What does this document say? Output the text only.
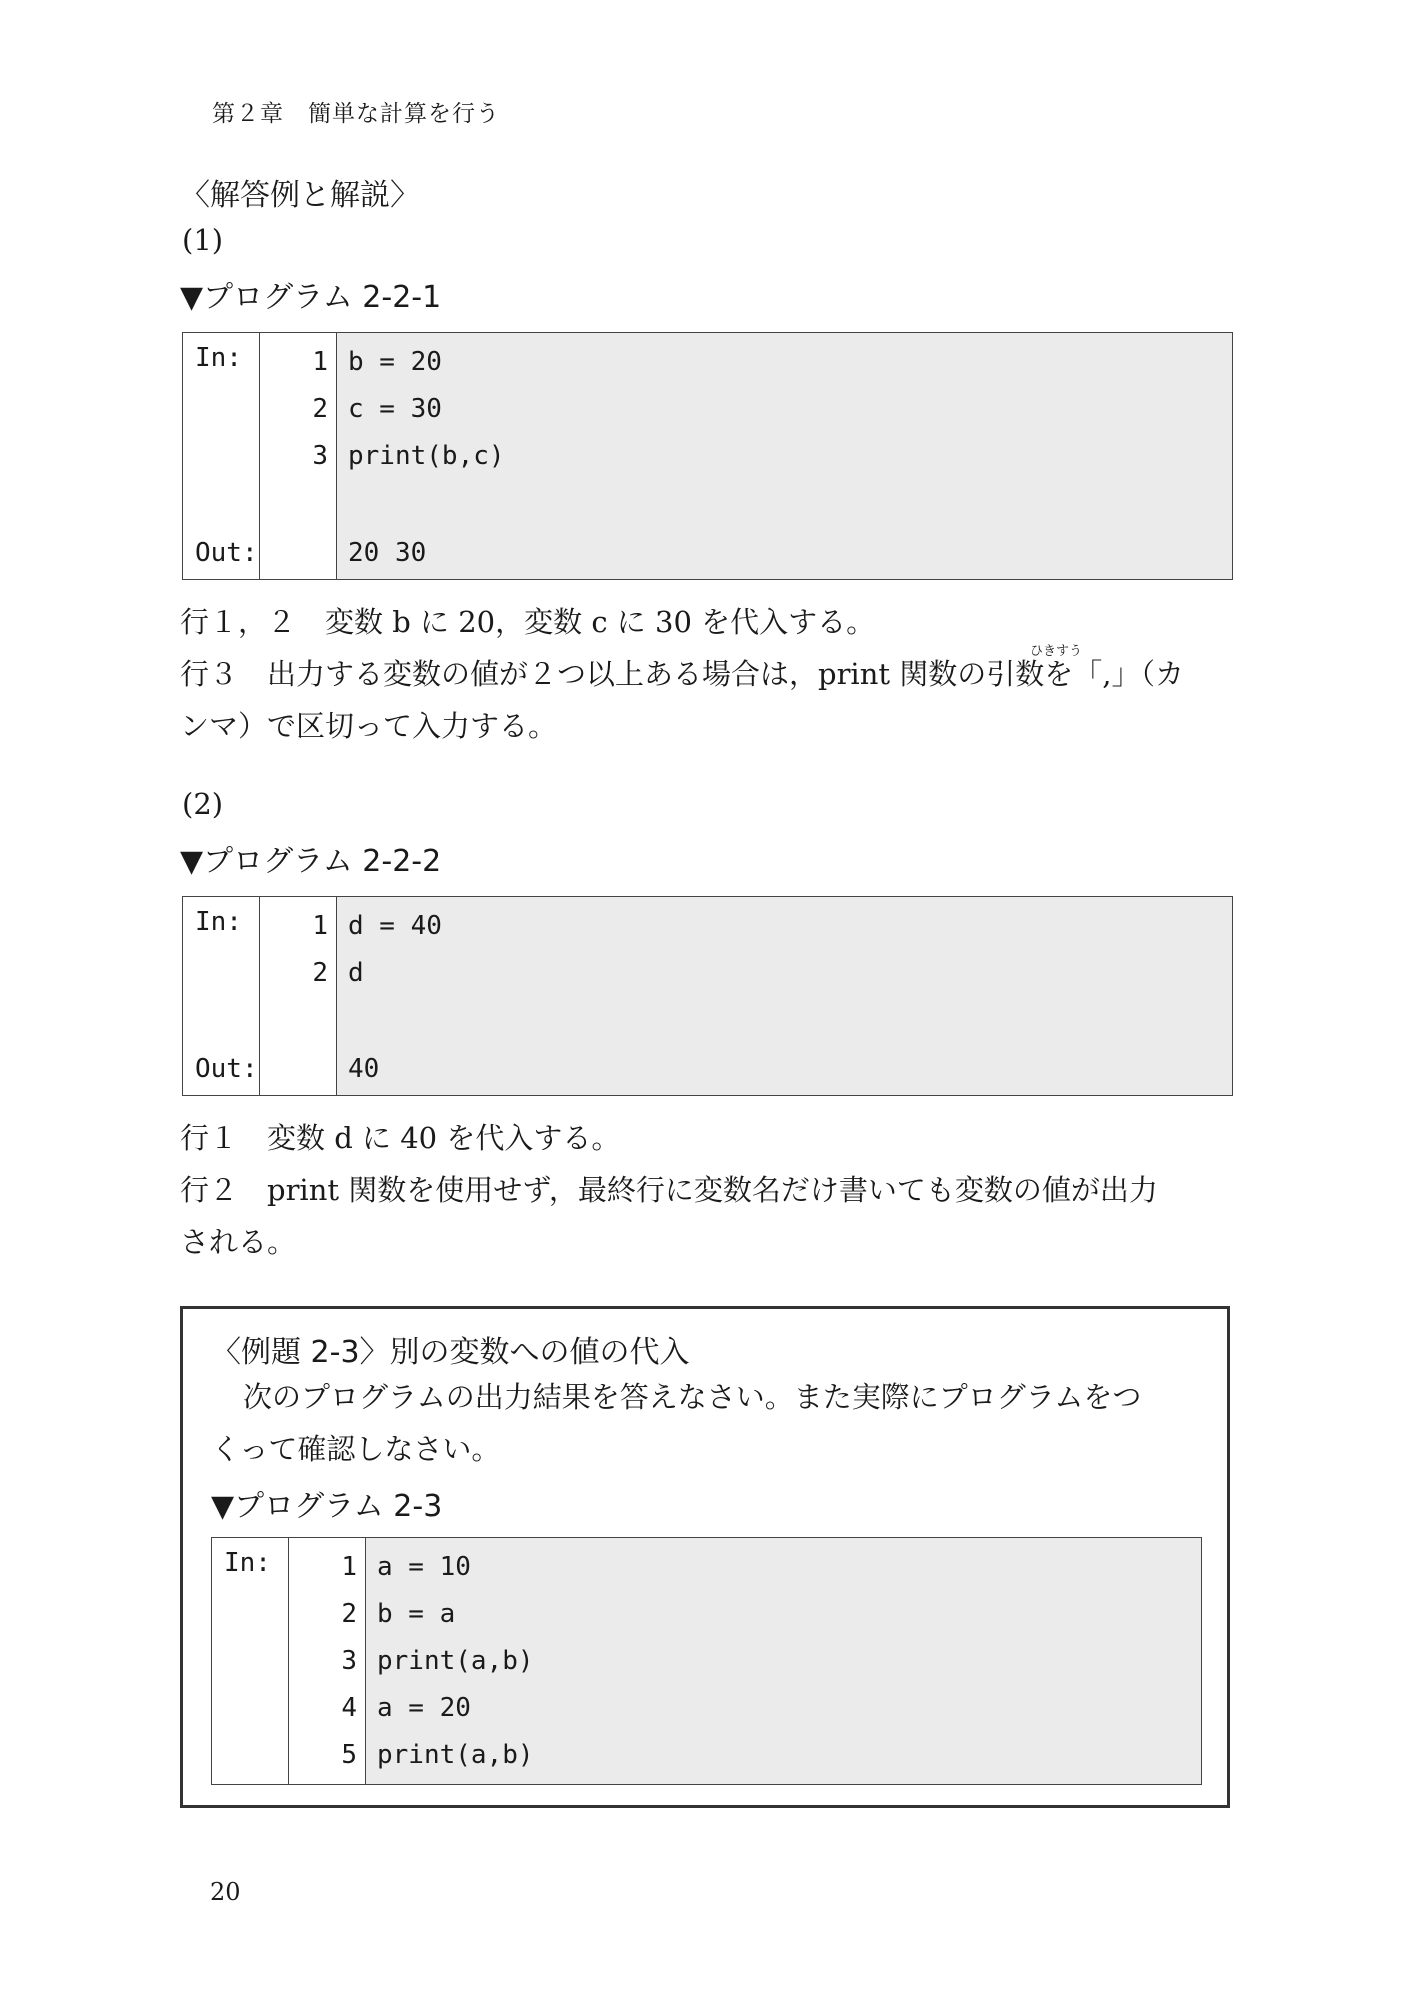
第２章　簡単な計算を行う
〈解答例と解説〉
(1)
▼プログラム 2-2-1
In:
Out:
1
2
3
b = 20
c = 30
print(b,c)
20 30
行１，２　変数 b に 20，変数 c に 30 を代入する。
ひきすう
行３　出力する変数の値が２つ以上ある場合は，print 関数の引数を「,」（カ
ンマ）で区切って入力する。
(2)
▼プログラム 2-2-2
In:
Out:
1
2
d = 40
d
40
行１　変数 d に 40 を代入する。
行２　print 関数を使用せず，最終行に変数名だけ書いても変数の値が出力
される。
〈例題 2-3〉別の変数への値の代入
次のプログラムの出力結果を答えなさい。また実際にプログラムをつ
くって確認しなさい。
▼プログラム 2-3
In:	1
2
3
4
5
a = 10
b = a
print(a,b)
a = 20
print(a,b)
20
